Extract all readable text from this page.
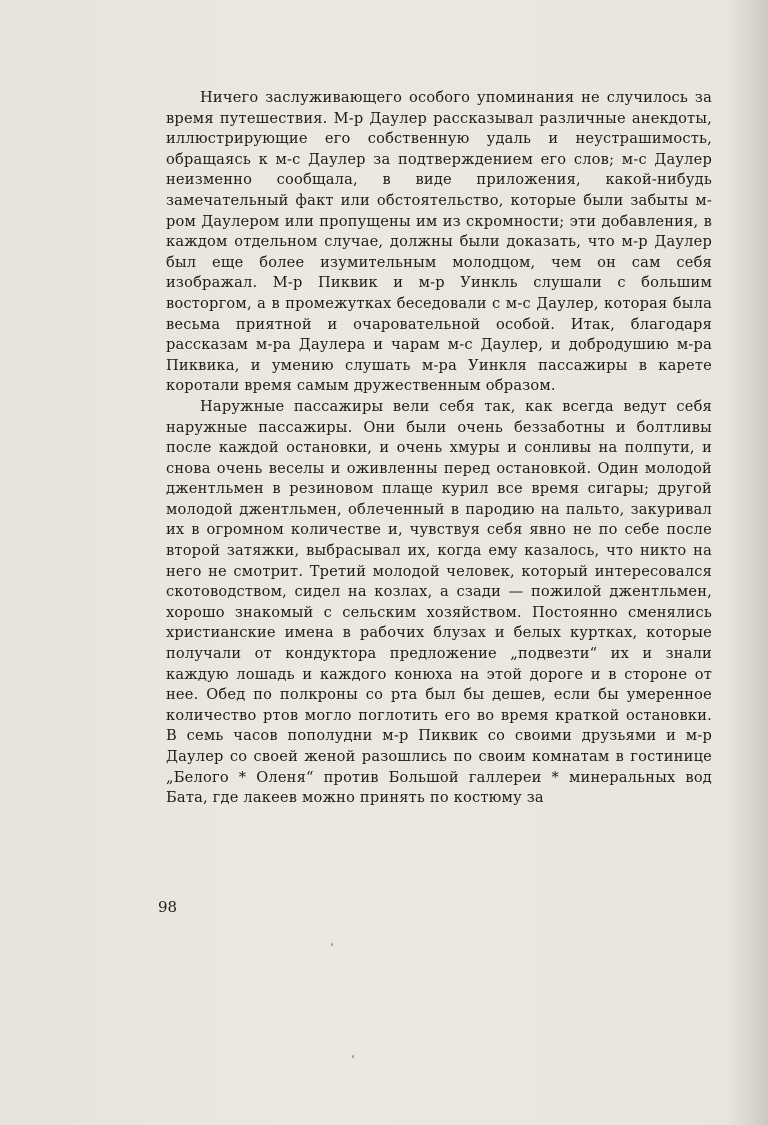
Ничего заслуживающего особого упоминания не случилось за время путешествия. М-р Даулер рассказывал различные анекдоты, иллюстрирующие его собственную удаль и неустрашимость, обращаясь к м-с Даулер за подтверждением его слов; м-с Даулер неизменно сообщала, в виде приложения, какой-нибудь замечательный факт или обстоятельство, которые были забыты м-ром Даулером или пропущены им из скромности; эти добавления, в каждом отдельном случае, должны были доказать, что м-р Даулер был еще более изумительным молодцом, чем он сам себя изображал. М-р Пиквик и м-р Уинкль слушали с большим восторгом, а в промежутках беседовали с м-с Даулер, которая была весьма приятной и очаровательной особой. Итак, благодаря рассказам м-ра Даулера и чарам м-с Даулер, и добродушию м-ра Пиквика, и умению слушать м-ра Уинкля пассажиры в карете коротали время самым дружественным образом.

Наружные пассажиры вели себя так, как всегда ведут себя наружные пассажиры. Они были очень беззаботны и болтливы после каждой остановки, и очень хмуры и сонливы на полпути, и снова очень веселы и оживленны перед остановкой. Один молодой джентльмен в резиновом плаще курил все время сигары; другой молодой джентльмен, облеченный в пародию на пальто, закуривал их в огромном количестве и, чувствуя себя явно не по себе после второй затяжки, выбрасывал их, когда ему казалось, что никто на него не смотрит. Третий молодой человек, который интересовался скотоводством, сидел на козлах, а сзади — пожилой джентльмен, хорошо знакомый с сельским хозяйством. Постоянно сменялись христианские имена в рабочих блузах и белых куртках, которые получали от кондуктора предложение „подвезти“ их и знали каждую лошадь и каждого конюха на этой дороге и в стороне от нее. Обед по полкроны со рта был бы дешев, если бы умеренное количество ртов могло поглотить его во время краткой остановки. В семь часов пополудни м-р Пиквик со своими друзьями и м-р Даулер со своей женой разошлись по своим комнатам в гостинице „Белого * Оленя“ против Большой галлереи * минеральных вод Бата, где лакеев можно принять по костюму за

98
